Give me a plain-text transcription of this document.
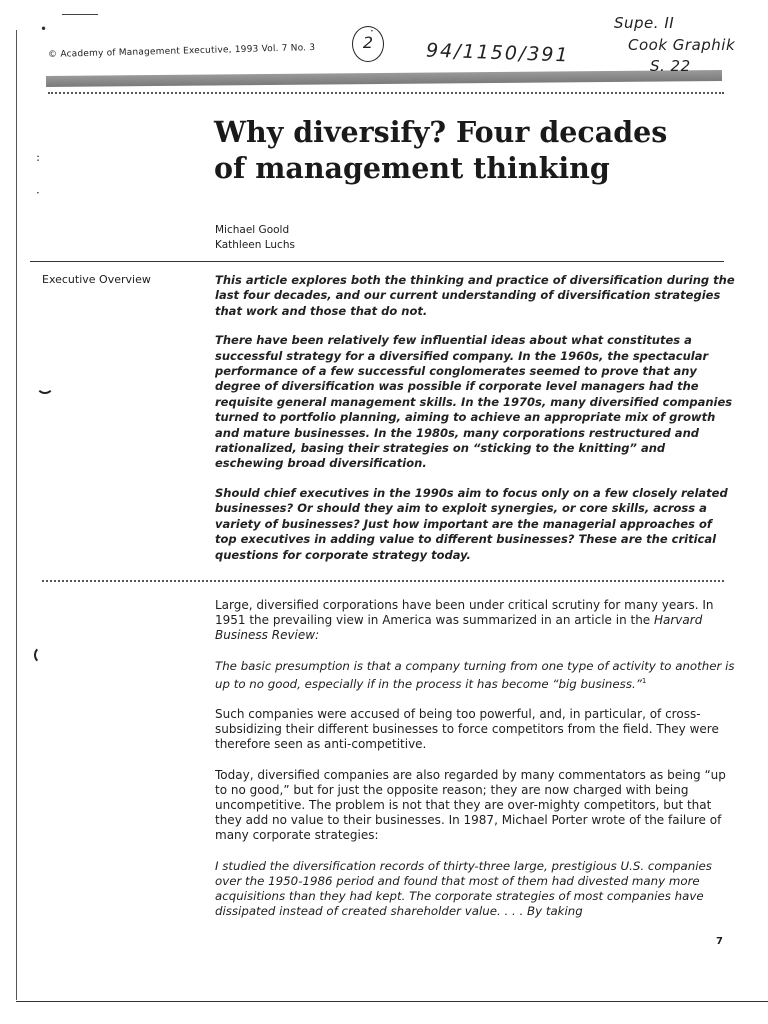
•
:
·
·
© Academy of Management Executive, 1993 Vol. 7 No. 3	2	94/1150/391
Supe. II
Cook Graphik
S. 22
Why diversify? Four decades
of management thinking
Michael Goold
Kathleen Luchs
Executive Overview	This article explores both the thinking and practice of diversification during the last four decades, and our current understanding of diversification strategies that work and those that do not.

There have been relatively few influential ideas about what constitutes a successful strategy for a diversified company. In the 1960s, the spectacular performance of a few successful conglomerates seemed to prove that any degree of diversification was possible if corporate level managers had the requisite general management skills. In the 1970s, many diversified companies turned to portfolio planning, aiming to achieve an appropriate mix of growth and mature businesses. In the 1980s, many corporations restructured and rationalized, basing their strategies on “sticking to the knitting” and eschewing broad diversification.

Should chief executives in the 1990s aim to focus only on a few closely related businesses? Or should they aim to exploit synergies, or core skills, across a variety of businesses? Just how important are the managerial approaches of top executives in adding value to different businesses? These are the critical questions for corporate strategy today.

Large, diversified corporations have been under critical scrutiny for many years. In 1951 the prevailing view in America was summarized in an article in the Harvard Business Review:

The basic presumption is that a company turning from one type of activity to another is up to no good, especially if in the process it has become “big business.”$^1$

Such companies were accused of being too powerful, and, in particular, of cross-subsidizing their different businesses to force competitors from the field. They were therefore seen as anti-competitive.

Today, diversified companies are also regarded by many commentators as being “up to no good,” but for just the opposite reason; they are now charged with being uncompetitive. The problem is not that they are over-mighty competitors, but that they add no value to their businesses. In 1987, Michael Porter wrote of the failure of many corporate strategies:

I studied the diversification records of thirty-three large, prestigious U.S. companies over the 1950-1986 period and found that most of them had divested many more acquisitions than they had kept. The corporate strategies of most companies have dissipated instead of created shareholder value. . . . By taking

7
